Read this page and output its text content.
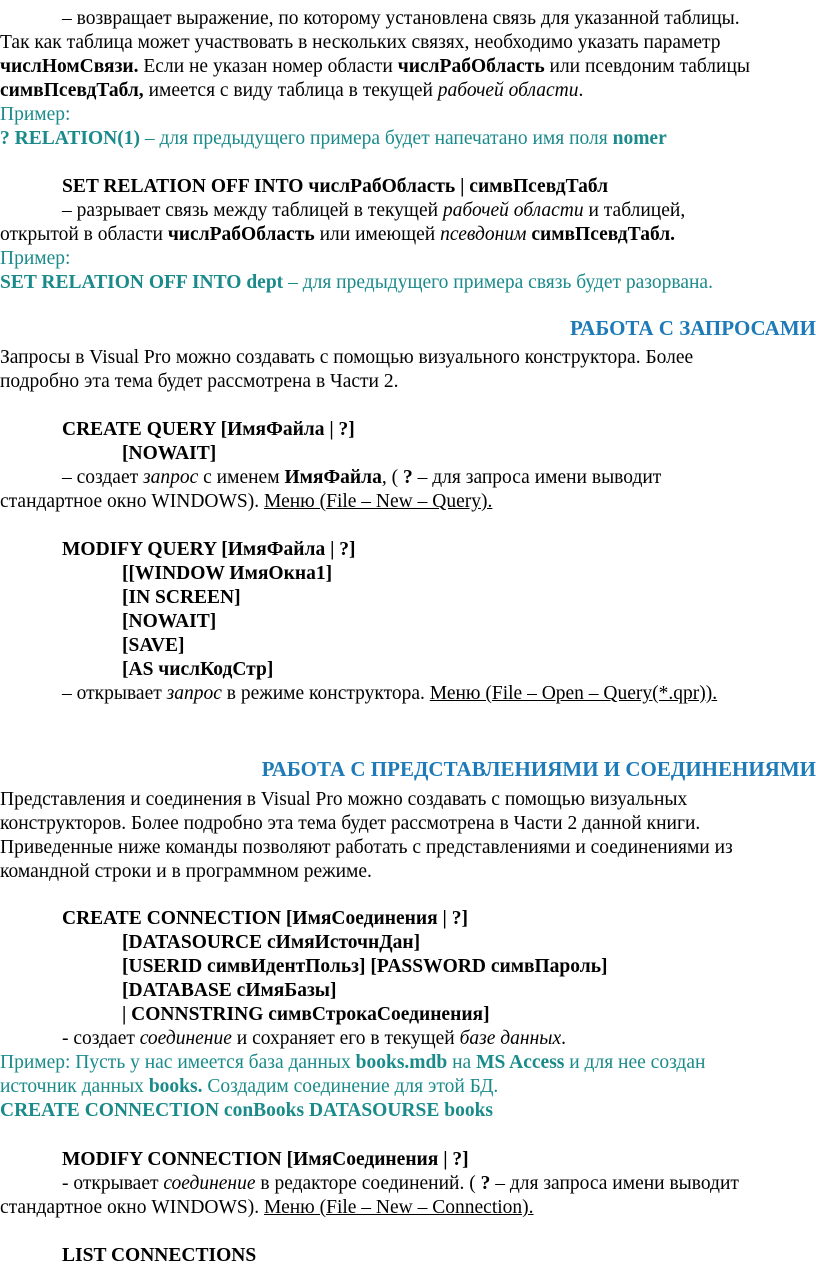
– возвращает выражение, по которому установлена связь для указанной таблицы.
Так как таблица может участвовать в нескольких связях, необходимо указать параметр
числНомСвязи. Если не указан номер области числРабОбласть или псевдоним таблицы
симвПсевдТабл, имеется с виду таблица в текущей рабочей области.
Пример:
? RELATION(1) – для предыдущего примера будет напечатано имя поля nomer
SET RELATION OFF INTO числРабОбласть | симвПсевдТабл
– разрывает связь между таблицей в текущей рабочей области и таблицей,
открытой в области числРабОбласть или имеющей псевдоним симвПсевдТабл.
Пример:
SET RELATION OFF INTO dept – для предыдущего примера связь будет разорвана.
РАБОТА С ЗАПРОСАМИ
Запросы в Visual Pro можно создавать с помощью визуального конструктора. Более
подробно эта тема будет рассмотрена в Части 2.
CREATE QUERY [ИмяФайла | ?]
[NOWAIT]
– создает запрос с именем ИмяФайла, ( ? – для запроса имени выводит
стандартное окно WINDOWS). Меню (File – New – Query).
MODIFY QUERY [ИмяФайла | ?]
[[WINDOW ИмяОкна1]
[IN SCREEN]
[NOWAIT]
[SAVE]
[AS числКодСтр]
– открывает запрос в режиме конструктора. Меню (File – Open – Query(*.qpr)).
РАБОТА С ПРЕДСТАВЛЕНИЯМИ И СОЕДИНЕНИЯМИ
Представления и соединения в Visual Pro можно создавать с помощью визуальных
конструкторов. Более подробно эта тема будет рассмотрена в Части 2 данной книги.
Приведенные ниже команды позволяют работать с представлениями и соединениями из
командной строки и в программном режиме.
CREATE CONNECTION [ИмяСоединения | ?]
[DATASOURCE сИмяИсточнДан]
[USERID симвИдентПольз] [PASSWORD симвПароль]
[DATABASE сИмяБазы]
| CONNSTRING симвСтрокаСоединения]
- создает соединение и сохраняет его в текущей базе данных.
Пример: Пусть у нас имеется база данных books.mdb на MS Access и для нее создан
источник данных books. Создадим соединение для этой БД.
CREATE CONNECTION conBooks DATASOURSE books
MODIFY CONNECTION [ИмяСоединения | ?]
- открывает соединение в редакторе соединений. ( ? – для запроса имени выводит
стандартное окно WINDOWS). Меню (File – New – Connection).
LIST CONNECTIONS
